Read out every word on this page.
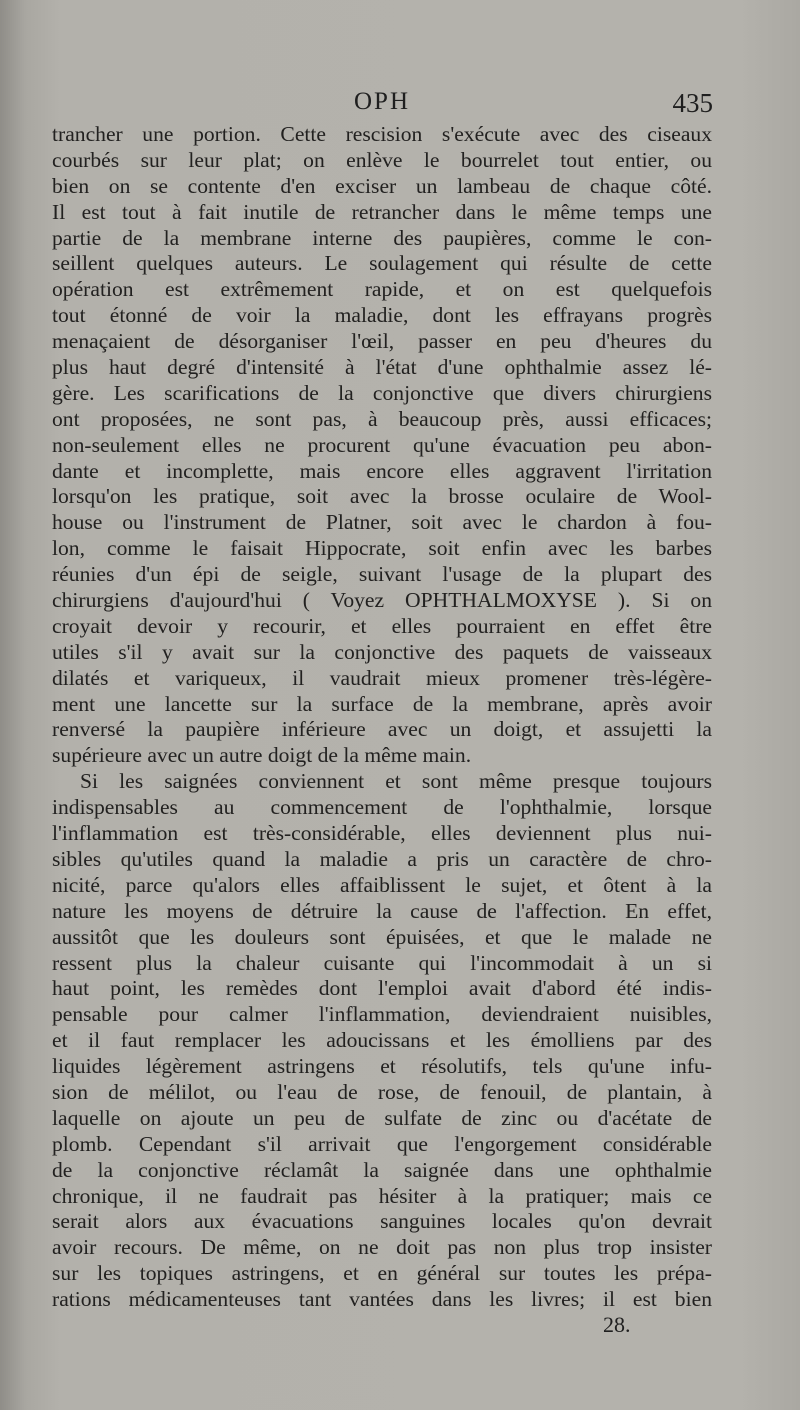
OPH	435
trancher une portion. Cette rescision s'exécute avec des ciseaux
courbés sur leur plat; on enlève le bourrelet tout entier, ou
bien on se contente d'en exciser un lambeau de chaque côté.
Il est tout à fait inutile de retrancher dans le même temps une
partie de la membrane interne des paupières, comme le con-
seillent quelques auteurs. Le soulagement qui résulte de cette
opération est extrêmement rapide, et on est quelquefois
tout étonné de voir la maladie, dont les effrayans progrès
menaçaient de désorganiser l'œil, passer en peu d'heures du
plus haut degré d'intensité à l'état d'une ophthalmie assez lé-
gère. Les scarifications de la conjonctive que divers chirurgiens
ont proposées, ne sont pas, à beaucoup près, aussi efficaces;
non-seulement elles ne procurent qu'une évacuation peu abon-
dante et incomplette, mais encore elles aggravent l'irritation
lorsqu'on les pratique, soit avec la brosse oculaire de Wool-
house ou l'instrument de Platner, soit avec le chardon à fou-
lon, comme le faisait Hippocrate, soit enfin avec les barbes
réunies d'un épi de seigle, suivant l'usage de la plupart des
chirurgiens d'aujourd'hui ( Voyez OPHTHALMOXYSE ). Si on
croyait devoir y recourir, et elles pourraient en effet être
utiles s'il y avait sur la conjonctive des paquets de vaisseaux
dilatés et variqueux, il vaudrait mieux promener très-légère-
ment une lancette sur la surface de la membrane, après avoir
renversé la paupière inférieure avec un doigt, et assujetti la
supérieure avec un autre doigt de la même main.
Si les saignées conviennent et sont même presque toujours
indispensables au commencement de l'ophthalmie, lorsque
l'inflammation est très-considérable, elles deviennent plus nui-
sibles qu'utiles quand la maladie a pris un caractère de chro-
nicité, parce qu'alors elles affaiblissent le sujet, et ôtent à la
nature les moyens de détruire la cause de l'affection. En effet,
aussitôt que les douleurs sont épuisées, et que le malade ne
ressent plus la chaleur cuisante qui l'incommodait à un si
haut point, les remèdes dont l'emploi avait d'abord été indis-
pensable pour calmer l'inflammation, deviendraient nuisibles,
et il faut remplacer les adoucissans et les émolliens par des
liquides légèrement astringens et résolutifs, tels qu'une infu-
sion de mélilot, ou l'eau de rose, de fenouil, de plantain, à
laquelle on ajoute un peu de sulfate de zinc ou d'acétate de
plomb. Cependant s'il arrivait que l'engorgement considérable
de la conjonctive réclamât la saignée dans une ophthalmie
chronique, il ne faudrait pas hésiter à la pratiquer; mais ce
serait alors aux évacuations sanguines locales qu'on devrait
avoir recours. De même, on ne doit pas non plus trop insister
sur les topiques astringens, et en général sur toutes les prépa-
rations médicamenteuses tant vantées dans les livres; il est bien
28.
